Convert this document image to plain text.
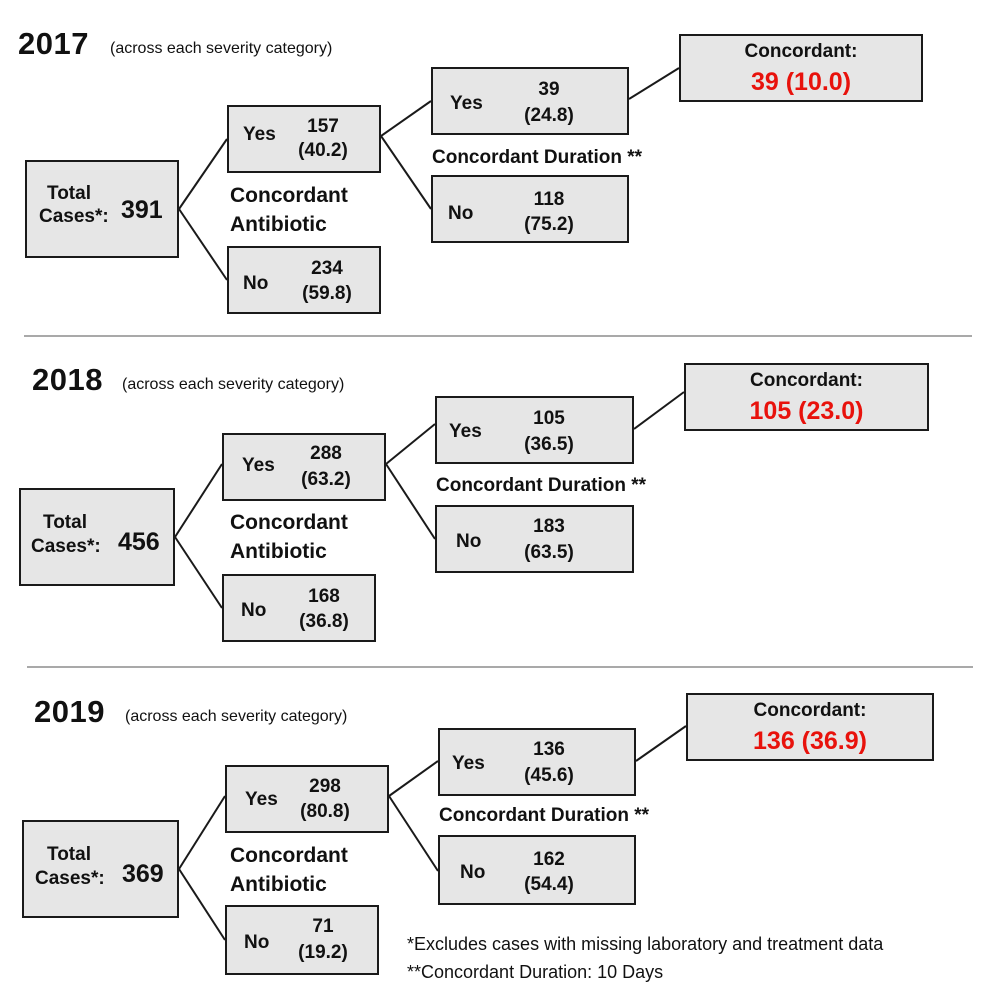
2017 (across each severity category)
Total
Cases*: 391
Yes	157
(40.2)
No
234
(59.8)
Concordant
Antibiotic
Yes
39
(24.8)
Concordant Duration **
No
118
(75.2)
Concordant:
39 (10.0)
2018 (across each severity category)
Total
Cases*: 456
Yes
288
(63.2)
No
168
(36.8)
Concordant
Antibiotic
Yes
105
(36.5)
Concordant Duration **
No
183
(63.5)
Concordant:
105 (23.0)
2019 (across each severity category)
Total
Cases*: 369
Yes
298
(80.8)
No
71
(19.2)
Concordant
Antibiotic
Yes
136
(45.6)
Concordant Duration **
No
162
(54.4)
Concordant:
136 (36.9)
*Excludes cases with missing laboratory and treatment data
**Concordant Duration: 10 Days
